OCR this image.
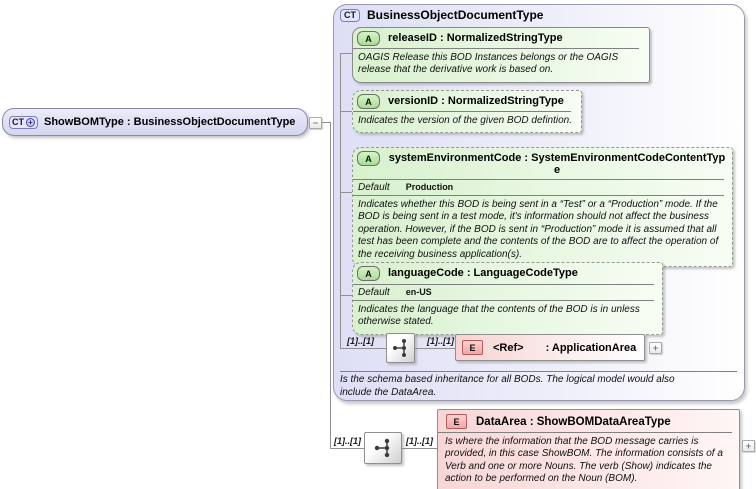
CT BusinessObjectDocumentType
A	releaseID : NormalizedStringType
OAGIS Release this BOD Instances belongs or the OAGIS release that the derivative work is based on.
A	versionID : NormalizedStringType
Indicates the version of the given BOD defintion.
A	systemEnvironmentCode : SystemEnvironmentCodeContentType
Default Production
Indicates whether this BOD is being sent in a “Test” or a “Production” mode. If the BOD is being sent in a test mode, it's information should not affect the business operation. However, if the BOD is sent in “Production” mode it is assumed that all test has been complete and the contents of the BOD are to affect the operation of the receiving business application(s).
A	languageCode : LanguageCodeType
Default en-US
Indicates the language that the contents of the BOD is in unless otherwise stated.
[1]..[1]	[1]..[1]
E	<Ref> : ApplicationArea	+
Is the schema based inheritance for all BODs. The logical model would also include the DataArea.
CT + ShowBOMType : BusinessObjectDocumentType	−
[1]..[1]	[1]..[1]
E	DataArea : ShowBOMDataAreaType
Is where the information that the BOD message carries is provided, in this case ShowBOM. The information consists of a Verb and one or more Nouns. The verb (Show) indicates the action to be performed on the Noun (BOM).
+
